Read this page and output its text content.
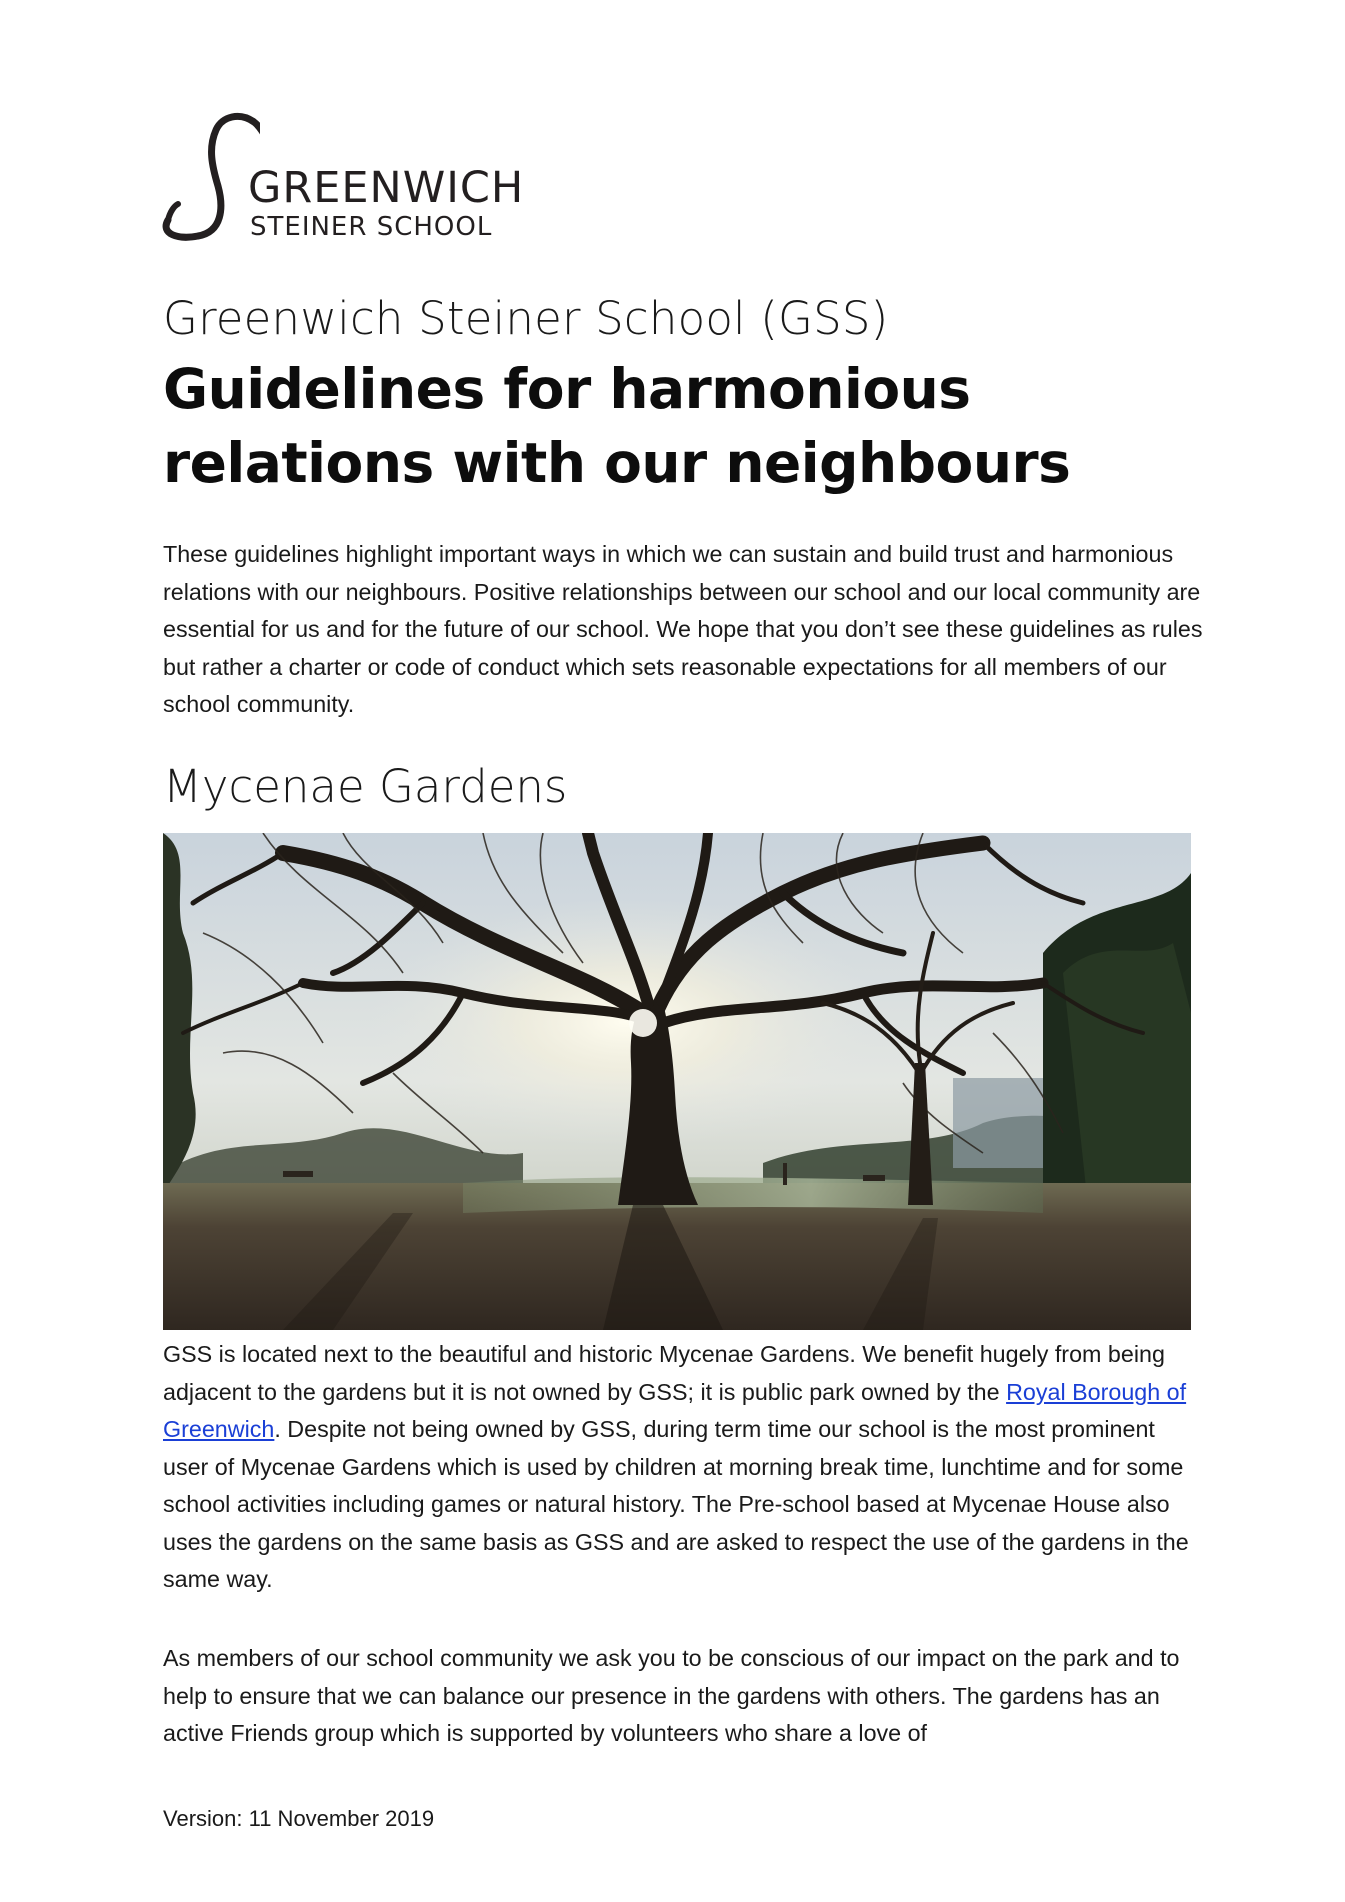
GREENWICH
STEINER SCHOOL
Greenwich Steiner School (GSS)
Guidelines for harmonious relations with our neighbours

These guidelines highlight important ways in which we can sustain and build trust and harmonious relations with our neighbours. Positive relationships between our school and our local community are essential for us and for the future of our school. We hope that you don’t see these guidelines as rules but rather a charter or code of conduct which sets reasonable expectations for all members of our school community.

Mycenae Gardens

GSS is located next to the beautiful and historic Mycenae Gardens. We benefit hugely from being adjacent to the gardens but it is not owned by GSS; it is public park owned by the Royal Borough of Greenwich. Despite not being owned by GSS, during term time our school is the most prominent user of Mycenae Gardens which is used by children at morning break time, lunchtime and for some school activities including games or natural history. The Pre-school based at Mycenae House also uses the gardens on the same basis as GSS and are asked to respect the use of the gardens in the same way.

As members of our school community we ask you to be conscious of our impact on the park and to help to ensure that we can balance our presence in the gardens with others. The gardens has an active Friends group which is supported by volunteers who share a love of

Version: 11 November 2019
